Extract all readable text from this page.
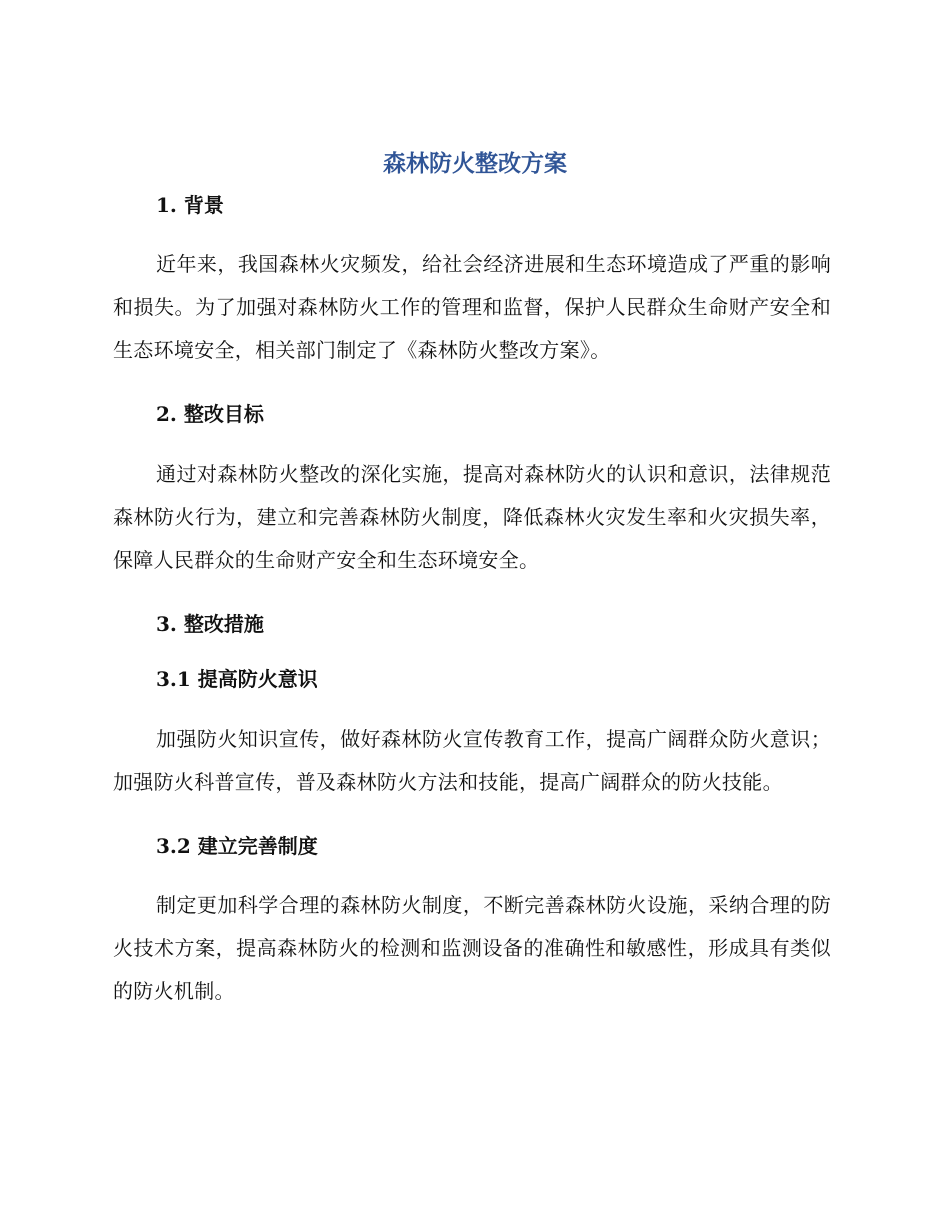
森林防火整改方案
1. 背景

近年来，我国森林火灾频发，给社会经济进展和生态环境造成了严重的影响和损失。为了加强对森林防火工作的管理和监督，保护人民群众生命财产安全和生态环境安全，相关部门制定了《森林防火整改方案》。

2. 整改目标

通过对森林防火整改的深化实施，提高对森林防火的认识和意识，法律规范森林防火行为，建立和完善森林防火制度，降低森林火灾发生率和火灾损失率，保障人民群众的生命财产安全和生态环境安全。

3. 整改措施
3.1 提高防火意识

加强防火知识宣传，做好森林防火宣传教育工作，提高广阔群众防火意识；加强防火科普宣传，普及森林防火方法和技能，提高广阔群众的防火技能。

3.2 建立完善制度

制定更加科学合理的森林防火制度，不断完善森林防火设施，采纳合理的防火技术方案，提高森林防火的检测和监测设备的准确性和敏感性，形成具有类似的防火机制。
